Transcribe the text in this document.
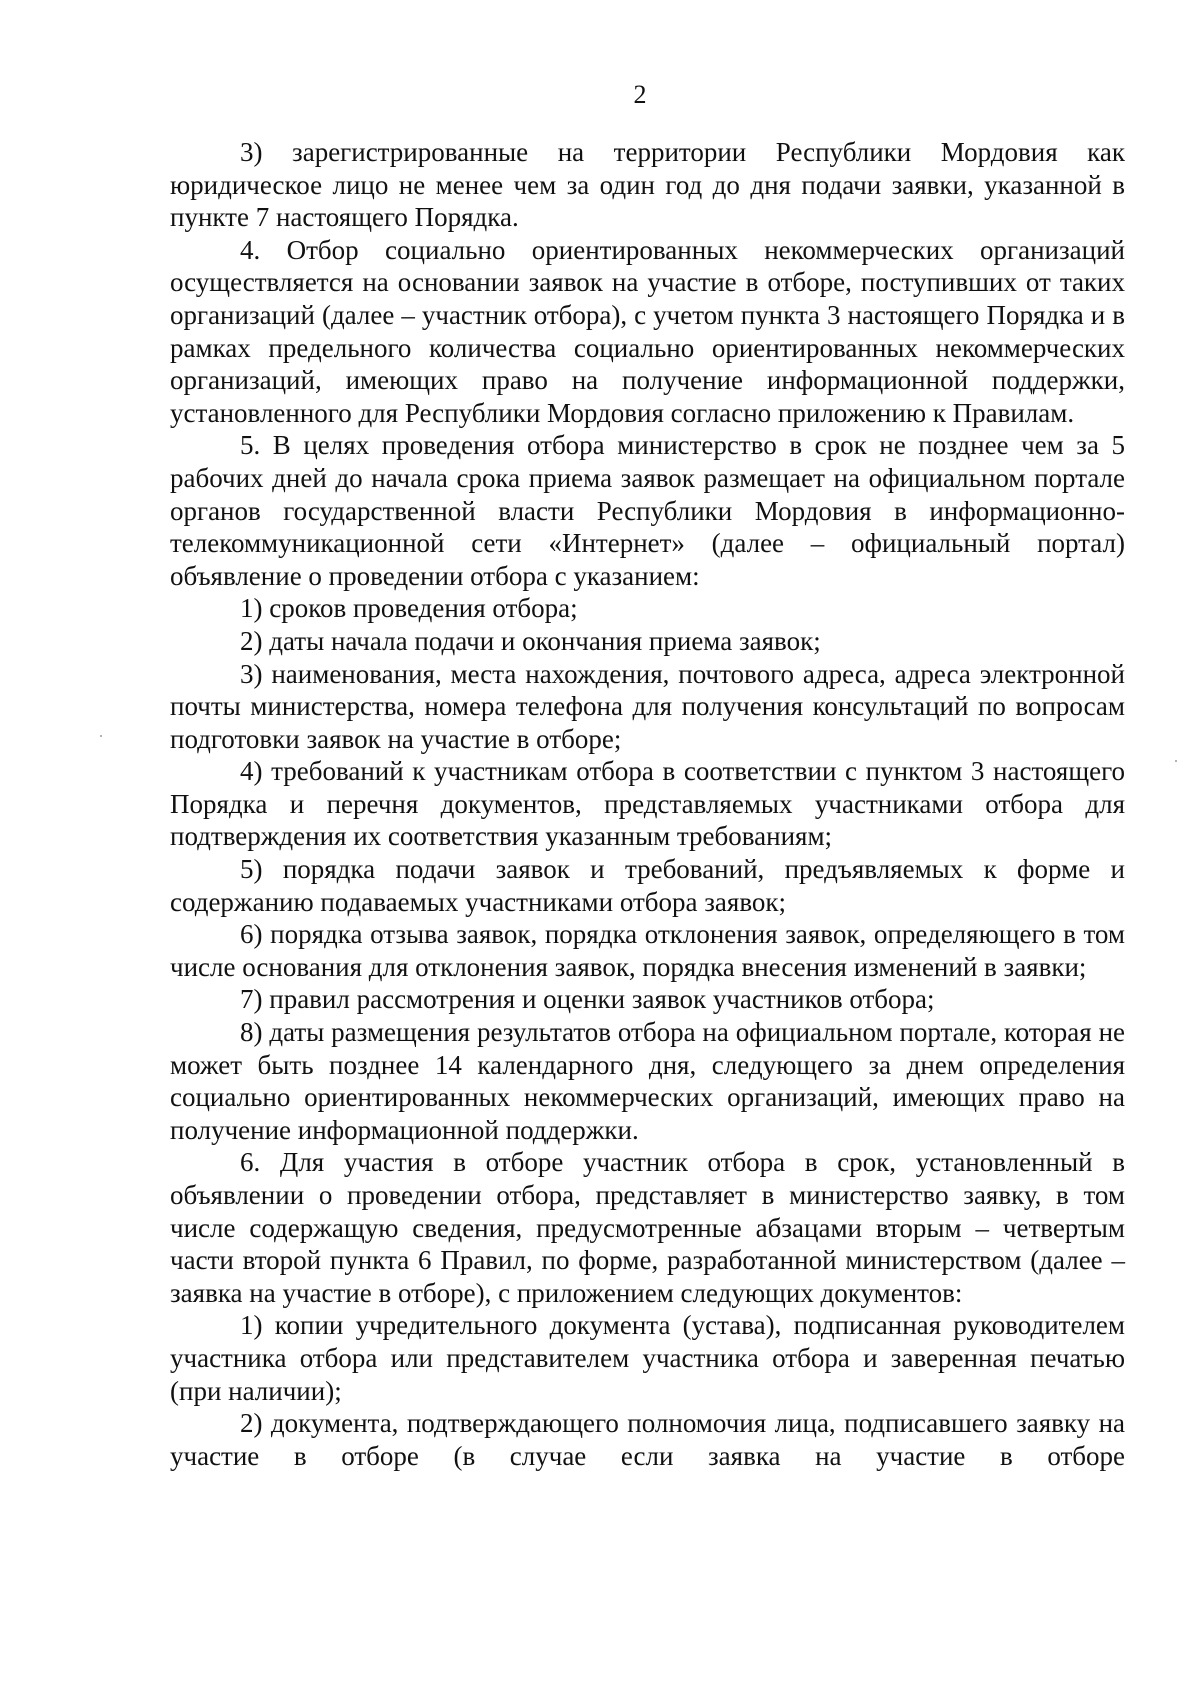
2

3) зарегистрированные на территории Республики Мордовия как юридическое лицо не менее чем за один год до дня подачи заявки, указанной в пункте 7 настоящего Порядка.

4. Отбор социально ориентированных некоммерческих организаций осуществляется на основании заявок на участие в отборе, поступивших от таких организаций (далее – участник отбора), с учетом пункта 3 настоящего Порядка и в рамках предельного количества социально ориентированных некоммерческих организаций, имеющих право на получение информационной поддержки, установленного для Республики Мордовия согласно приложению к Правилам.

5. В целях проведения отбора министерство в срок не позднее чем за 5 рабочих дней до начала срока приема заявок размещает на официальном портале органов государственной власти Республики Мордовия в информационно-телекоммуникационной сети «Интернет» (далее – официальный портал) объявление о проведении отбора с указанием:

1) сроков проведения отбора;

2) даты начала подачи и окончания приема заявок;

3) наименования, места нахождения, почтового адреса, адреса электронной почты министерства, номера телефона для получения консультаций по вопросам подготовки заявок на участие в отборе;

4) требований к участникам отбора в соответствии с пунктом 3 настоящего Порядка и перечня документов, представляемых участниками отбора для подтверждения их соответствия указанным требованиям;

5) порядка подачи заявок и требований, предъявляемых к форме и содержанию подаваемых участниками отбора заявок;

6) порядка отзыва заявок, порядка отклонения заявок, определяющего в том числе основания для отклонения заявок, порядка внесения изменений в заявки;

7) правил рассмотрения и оценки заявок участников отбора;

8) даты размещения результатов отбора на официальном портале, которая не может быть позднее 14 календарного дня, следующего за днем определения социально ориентированных некоммерческих организаций, имеющих право на получение информационной поддержки.

6. Для участия в отборе участник отбора в срок, установленный в объявлении о проведении отбора, представляет в министерство заявку, в том числе содержащую сведения, предусмотренные абзацами вторым – четвертым части второй пункта 6 Правил, по форме, разработанной министерством (далее – заявка на участие в отборе), с приложением следующих документов:

1) копии учредительного документа (устава), подписанная руководителем участника отбора или представителем участника отбора и заверенная печатью (при наличии);

2) документа, подтверждающего полномочия лица, подписавшего заявку на участие в отборе (в случае если заявка на участие в отборе
